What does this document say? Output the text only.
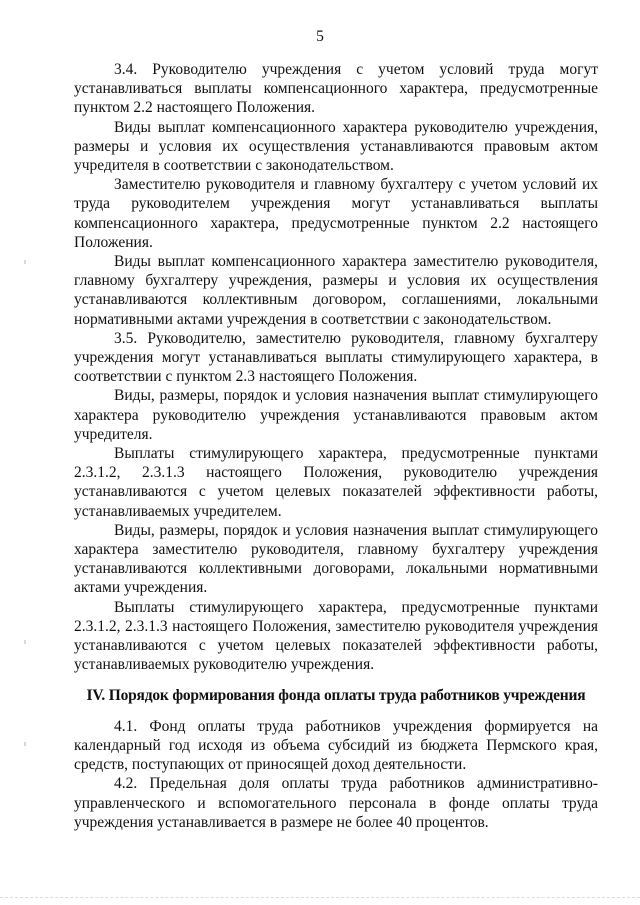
5

3.4. Руководителю учреждения с учетом условий труда могут устанавливаться выплаты компенсационного характера, предусмотренные пунктом 2.2 настоящего Положения.

Виды выплат компенсационного характера руководителю учреждения, размеры и условия их осуществления устанавливаются правовым актом учредителя в соответствии с законодательством.

Заместителю руководителя и главному бухгалтеру с учетом условий их труда руководителем учреждения могут устанавливаться выплаты компенсационного характера, предусмотренные пунктом 2.2 настоящего Положения.

Виды выплат компенсационного характера заместителю руководителя, главному бухгалтеру учреждения, размеры и условия их осуществления устанавливаются коллективным договором, соглашениями, локальными нормативными актами учреждения в соответствии с законодательством.

3.5. Руководителю, заместителю руководителя, главному бухгалтеру учреждения могут устанавливаться выплаты стимулирующего характера, в соответствии с пунктом 2.3 настоящего Положения.

Виды, размеры, порядок и условия назначения выплат стимулирующего характера руководителю учреждения устанавливаются правовым актом учредителя.

Выплаты стимулирующего характера, предусмотренные пунктами 2.3.1.2, 2.3.1.3 настоящего Положения, руководителю учреждения устанавливаются с учетом целевых показателей эффективности работы, устанавливаемых учредителем.

Виды, размеры, порядок и условия назначения выплат стимулирующего характера заместителю руководителя, главному бухгалтеру учреждения устанавливаются коллективными договорами, локальными нормативными актами учреждения.

Выплаты стимулирующего характера, предусмотренные пунктами 2.3.1.2, 2.3.1.3 настоящего Положения, заместителю руководителя учреждения устанавливаются с учетом целевых показателей эффективности работы, устанавливаемых руководителю учреждения.

IV. Порядок формирования фонда оплаты труда работников учреждения

4.1. Фонд оплаты труда работников учреждения формируется на календарный год исходя из объема субсидий из бюджета Пермского края, средств, поступающих от приносящей доход деятельности.

4.2. Предельная доля оплаты труда работников административно-управленческого и вспомогательного персонала в фонде оплаты труда учреждения устанавливается в размере не более 40 процентов.
